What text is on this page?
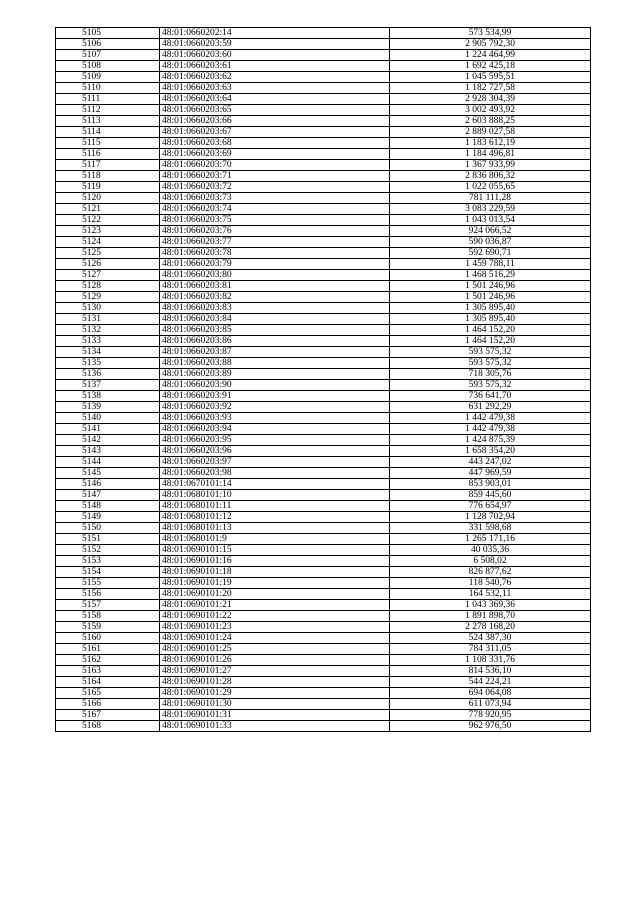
5105	48:01:0660202:14	573 534,99
5106	48:01:0660203:59	2 905 792,30
5107	48:01:0660203:60	1 224 464,99
5108	48:01:0660203:61	1 692 425,18
5109	48:01:0660203:62	1 045 595,51
5110	48:01:0660203:63	1 182 727,58
5111	48:01:0660203:64	2 928 304,39
5112	48:01:0660203:65	3 002 493,92
5113	48:01:0660203:66	2 603 888,25
5114	48:01:0660203:67	2 889 027,58
5115	48:01:0660203:68	1 183 612,19
5116	48:01:0660203:69	1 184 496,81
5117	48:01:0660203:70	1 367 933,99
5118	48:01:0660203:71	2 836 806,32
5119	48:01:0660203:72	1 022 055,65
5120	48:01:0660203:73	781 111,28
5121	48:01:0660203:74	3 083 229,59
5122	48:01:0660203:75	1 043 013,54
5123	48:01:0660203:76	924 066,52
5124	48:01:0660203:77	590 036,87
5125	48:01:0660203:78	592 690,71
5126	48:01:0660203:79	1 459 788,11
5127	48:01:0660203:80	1 468 516,29
5128	48:01:0660203:81	1 501 246,96
5129	48:01:0660203:82	1 501 246,96
5130	48:01:0660203:83	1 305 895,40
5131	48:01:0660203:84	1 305 895,40
5132	48:01:0660203:85	1 464 152,20
5133	48:01:0660203:86	1 464 152,20
5134	48:01:0660203:87	593 575,32
5135	48:01:0660203:88	593 575,32
5136	48:01:0660203:89	718 305,76
5137	48:01:0660203:90	593 575,32
5138	48:01:0660203:91	736 641,70
5139	48:01:0660203:92	631 292,29
5140	48:01:0660203:93	1 442 479,38
5141	48:01:0660203:94	1 442 479,38
5142	48:01:0660203:95	1 424 875,39
5143	48:01:0660203:96	1 658 354,20
5144	48:01:0660203:97	443 247,02
5145	48:01:0660203:98	447 969,59
5146	48:01:0670101:14	853 903,01
5147	48:01:0680101:10	859 445,60
5148	48:01:0680101:11	776 654,97
5149	48:01:0680101:12	1 128 702,94
5150	48:01:0680101:13	331 598,68
5151	48:01:0680101:9	1 265 171,16
5152	48:01:0690101:15	40 035,36
5153	48:01:0690101:16	6 508,02
5154	48:01:0690101:18	826 877,62
5155	48:01:0690101:19	118 540,76
5156	48:01:0690101:20	164 532,11
5157	48:01:0690101:21	1 043 369,36
5158	48:01:0690101:22	1 891 898,70
5159	48:01:0690101:23	2 278 168,20
5160	48:01:0690101:24	524 387,30
5161	48:01:0690101:25	784 311,05
5162	48:01:0690101:26	1 108 331,76
5163	48:01:0690101:27	814 536,10
5164	48:01:0690101:28	544 224,21
5165	48:01:0690101:29	694 064,08
5166	48:01:0690101:30	611 073,94
5167	48:01:0690101:31	778 920,95
5168	48:01:0690101:33	962 976,50
